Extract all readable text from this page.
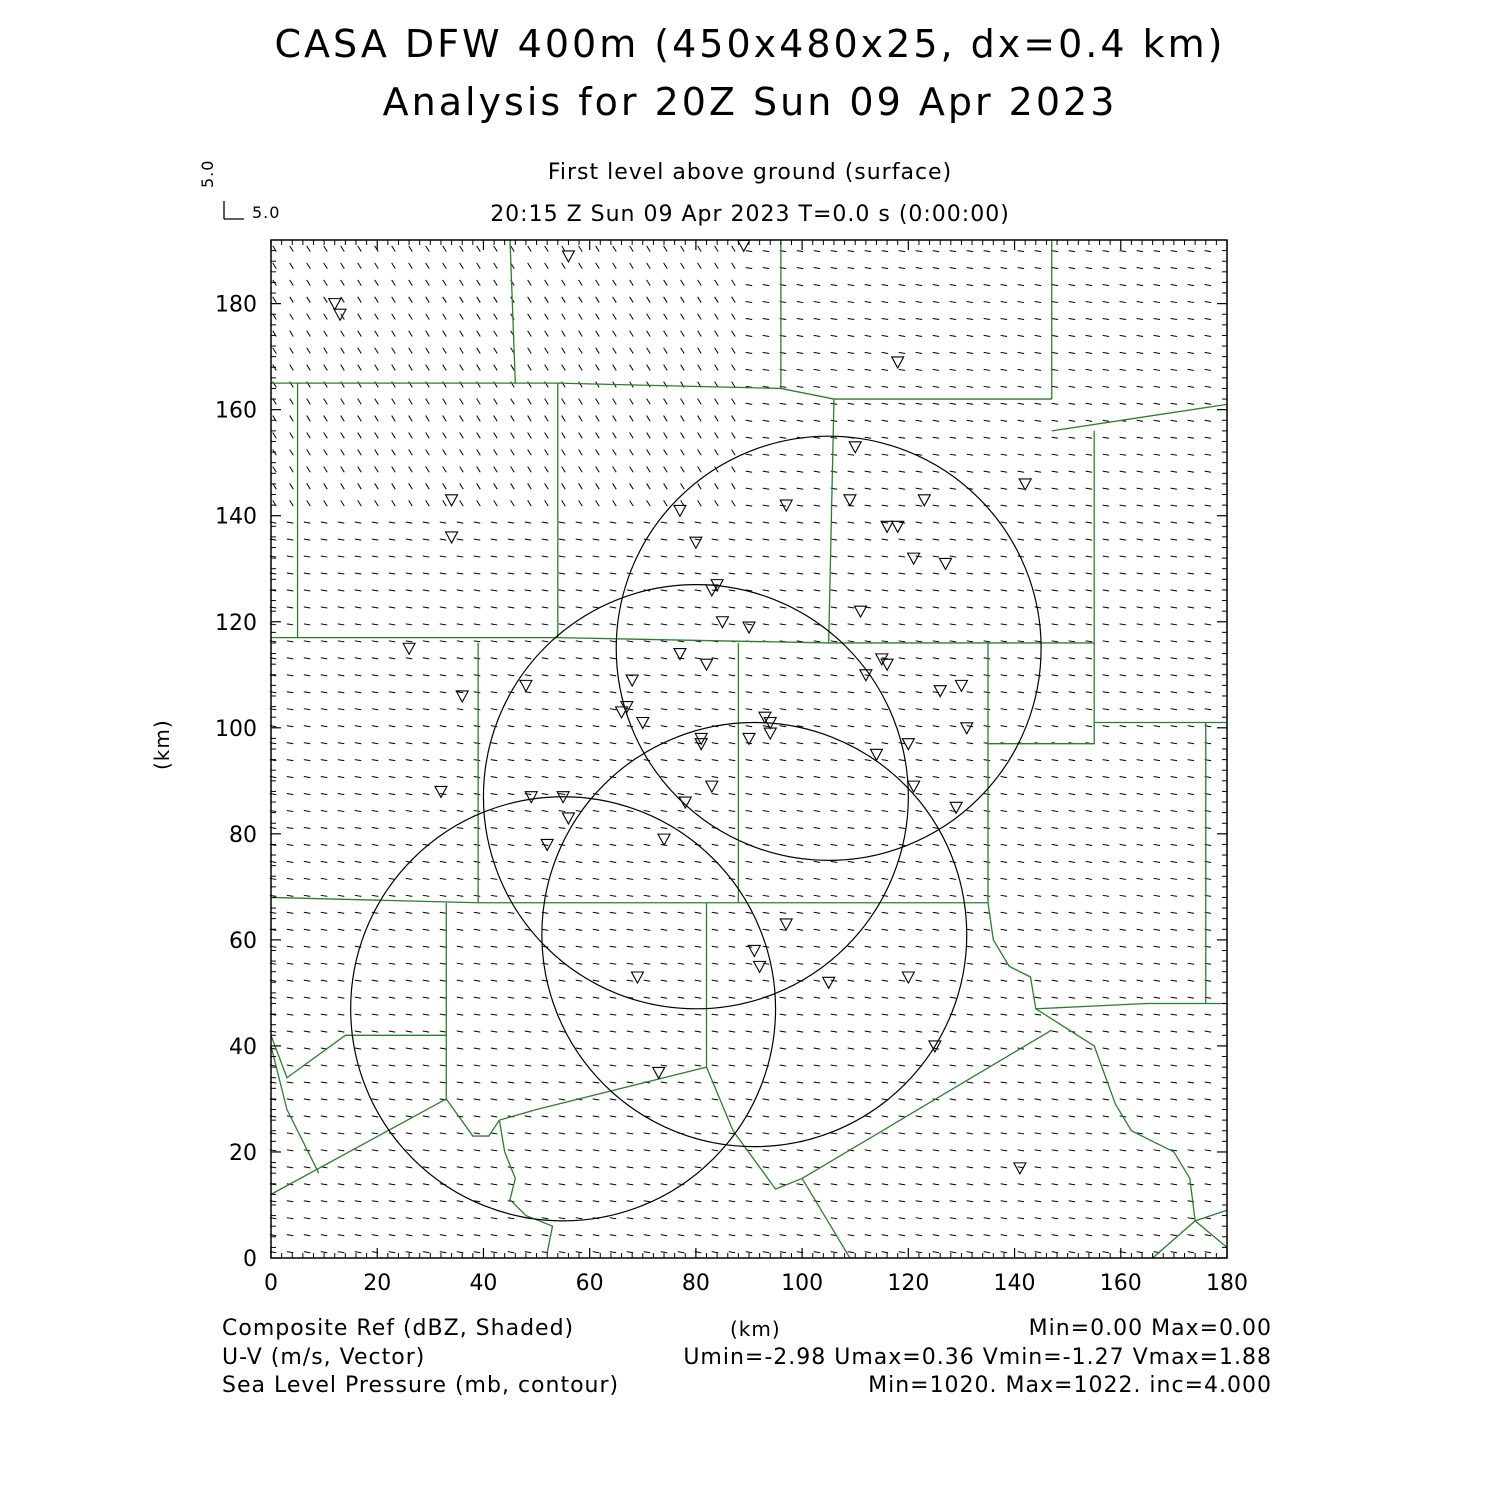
CASA DFW 400m (450x480x25, dx=0.4 km)
Analysis for 20Z Sun 09 Apr 2023
First level above ground (surface)
20:15 Z Sun 09 Apr 2023 T=0.0 s (0:00:00)
5.0
5.0
(km)
(km)
Composite Ref (dBZ, Shaded)
U-V (m/s, Vector)
Sea Level Pressure (mb, contour)
Min=0.00 Max=0.00
Umin=-2.98 Umax=0.36 Vmin=-1.27 Vmax=1.88
Min=1020. Max=1022. inc=4.000
0	20	40	60	80	100	120	140	160	180
0
20
40
60
80
100
120
140
160
180
